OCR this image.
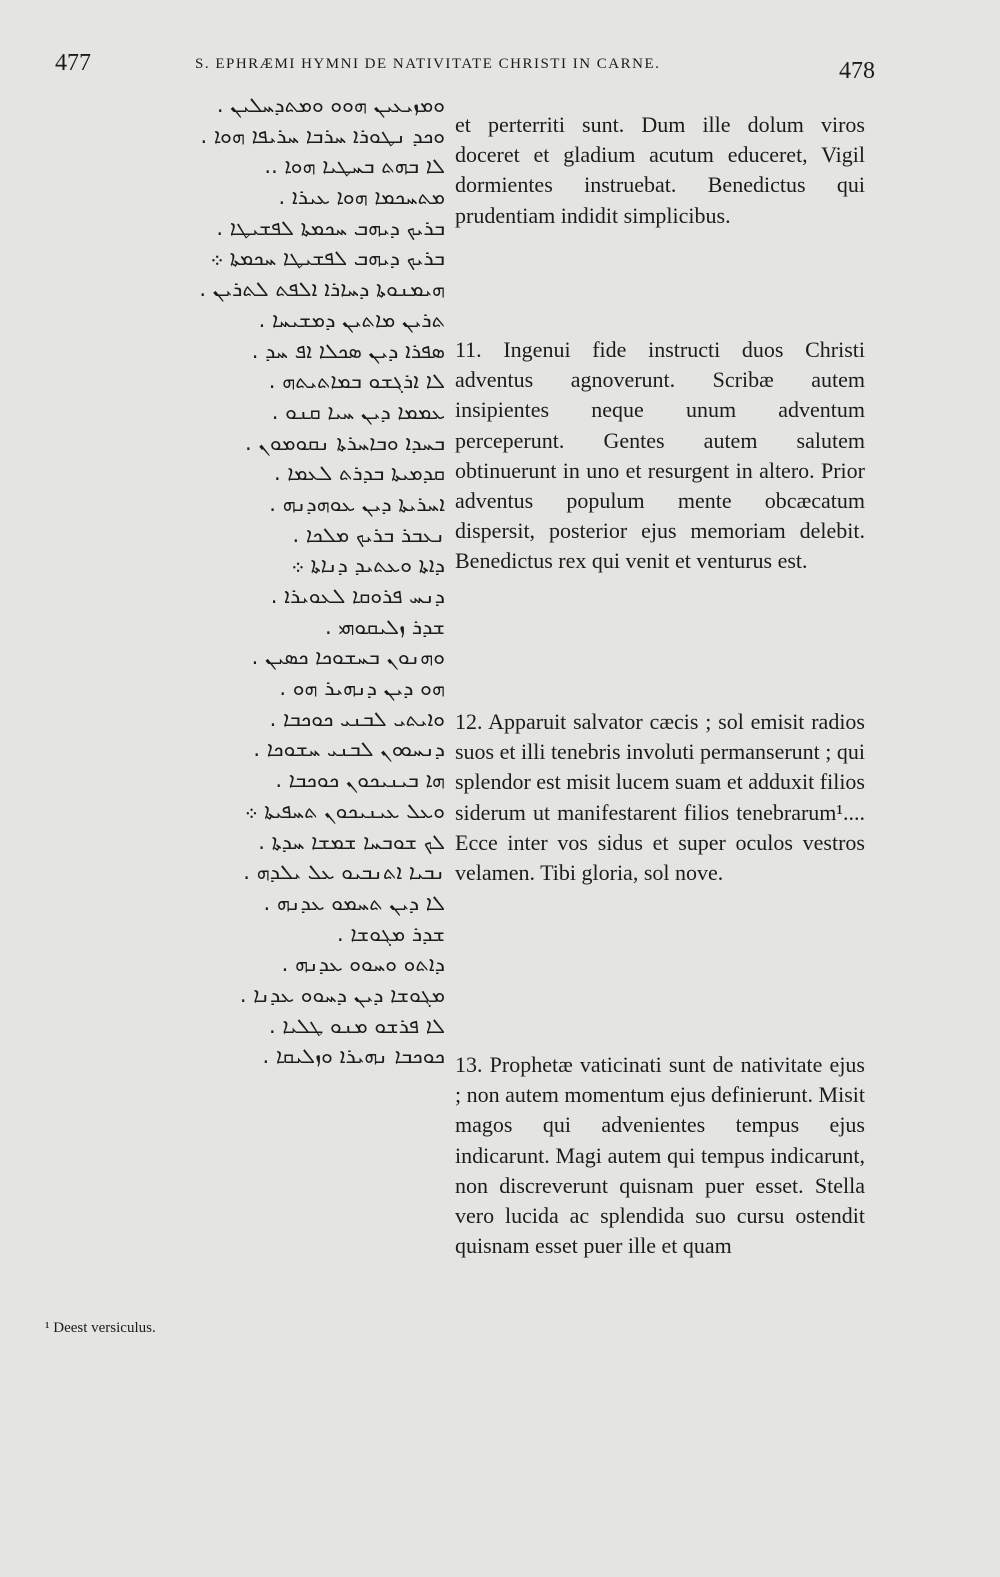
477	S. EPHRÆMI HYMNI DE NATIVITATE CHRISTI IN CARNE.	478
ܘܡܙܝܥܝܢ ܗܘܘ ܘܡܬܕܚܠܝܢ .
ܘܟܕ ܢܛܘܪܐ ܚܪܒܐ ܚܪܝܦܐ ܗܘܐ .
ܠܐ ܒܗܬ ܒܚܛܝܐ ܗܘܐ ..
ܡܬܚܟܡܐ ܗܘܐ ܥܝܪܐ .
ܒܪܝܟ ܕܝܗܒ ܚܟܡܬܐ ܠܦܫܝܛܐ .
ܒܪܝܟ ܕܝܗܒ ܠܦܫܝܛܐ ܚܟܡܬܐ ܀
ܗܝܡܢܘܬܐ ܕܚܐܪܐ ܐܠܦܬ ܠܬܪܝܢ .
ܬܪܝܢ ܡܐܬܝܢ ܕܡܫܝܚܐ .
ܣܦܪܐ ܕܝܢ ܣܟܠܐ ܐܦ ܚܕ .
ܠܐ ܐܪܓܫܘ ܒܡܐܬܝܬܗ .
ܥܡܡܐ ܕܝܢ ܚܝܐ ܩܢܘ .
ܒܚܕܐ ܘܒܐܚܪܬܐ ܢܩܘܡܘܢ .
ܩܕܡܝܬܐ ܒܕܪܬ ܠܥܡܐ .
ܐܚܪܝܬܐ ܕܝܢ ܥܘܗܕܢܗ .
ܢܥܒܪ ܒܪܝܟ ܡܠܟܐ .
ܕܐܬܐ ܘܥܬܝܕ ܕܢܐܬܐ ܀
ܕܢܚ ܦܪܘܩܐ ܠܥܘܝܪܐ .
ܫܕܪ ܙܠܝܩܘܗܝ .
ܘܗܢܘܢ ܒܚܫܘܟܐ ܟܣܝܢ .
ܗܘ ܕܝܢ ܕܢܗܝܪ ܗܘ .
ܘܐܝܬܝ ܠܒܢܝ ܟܘܟܒܐ .
ܕܢܚܘܘܢ ܠܒܢܝ ܚܫܘܟܐ .
ܗܐ ܒܝܢܝܟܘܢ ܟܘܟܒܐ .
ܘܥܠ ܥܝܢܝܟܘܢ ܬܚܦܝܬܐ ܀
ܠܟ ܫܘܒܚܐ ܫܡܫܐ ܚܕܬܐ .
ܢܒܝܐ ܐܬܢܒܝܘ ܥܠ ܝܠܕܗ .
ܠܐ ܕܝܢ ܬܚܡܘ ܥܕܢܗ .
ܫܕܪ ܡܓܘܫܐ .
ܕܐܬܘ ܘܚܘܘ ܥܕܢܗ .
ܡܓܘܫܐ ܕܝܢ ܕܚܘܘ ܥܕܢܐ .
ܠܐ ܦܪܫܘ ܡܢܘ ܛܠܝܐ .
ܟܘܟܒܐ ܢܗܝܪܐ ܘܙܠܝܩܐ .

et perterriti sunt. Dum ille dolum viros doceret et gladium acutum educeret, Vigil dormientes instruebat. Benedictus qui prudentiam indidit simplicibus.

11. Ingenui fide instructi duos Christi adventus agnoverunt. Scribæ autem insipientes neque unum adventum perceperunt. Gentes autem salutem obtinuerunt in uno et resurgent in altero. Prior adventus populum mente obcæcatum dispersit, posterior ejus memoriam delebit. Benedictus rex qui venit et venturus est.

12. Apparuit salvator cæcis ; sol emisit radios suos et illi tenebris involuti permanserunt ; qui splendor est misit lucem suam et adduxit filios siderum ut manifestarent filios tenebrarum¹.... Ecce inter vos sidus et super oculos vestros velamen. Tibi gloria, sol nove.

13. Prophetæ vaticinati sunt de nativitate ejus ; non autem momentum ejus definierunt. Misit magos qui advenientes tempus ejus indicarunt. Magi autem qui tempus indicarunt, non discreverunt quisnam puer esset. Stella vero lucida ac splendida suo cursu ostendit quisnam esset puer ille et quam

¹ Deest versiculus.
